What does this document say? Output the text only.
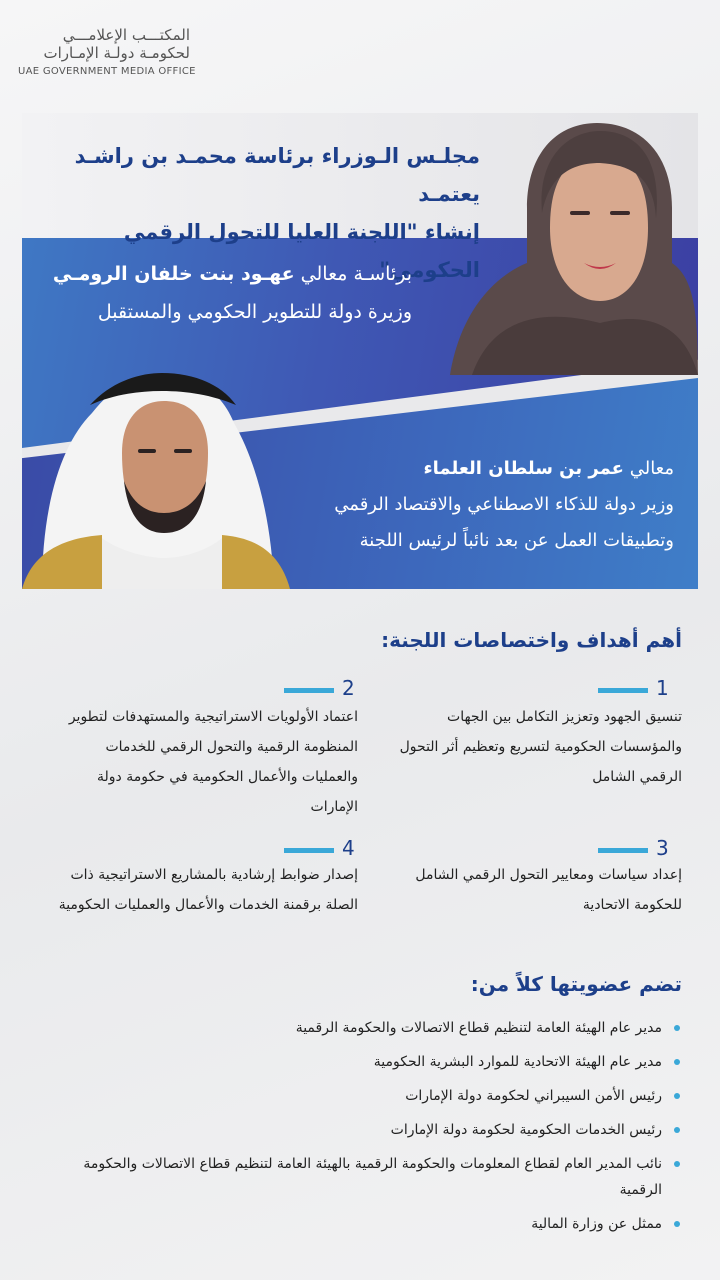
المكتـــب الإعلامـــي
لحكومـة دولـة الإمـارات
UAE GOVERNMENT MEDIA OFFICE
مجلـس الـوزراء برئاسة محمـد بن راشـد يعتمـد
إنشاء "اللجنة العليا للتحول الرقمي الحكومي"
برئاسـة معالي عهـود بنت خلفان الرومـي
وزيرة دولة للتطوير الحكومي والمستقبل
معالي عمر بن سلطان العلماء
وزير دولة للذكاء الاصطناعي والاقتصاد الرقمي
وتطبيقات العمل عن بعد نائباً لرئيس اللجنة
أهم أهداف واختصاصات اللجنة:
1
تنسيق الجهود وتعزيز التكامل بين الجهات والمؤسسات الحكومية لتسريع وتعظيم أثر التحول الرقمي الشامل
2
اعتماد الأولويات الاستراتيجية والمستهدفات لتطوير المنظومة الرقمية والتحول الرقمي للخدمات والعمليات والأعمال الحكومية في حكومة دولة الإمارات
3
إعداد سياسات ومعايير التحول الرقمي الشامل للحكومة الاتحادية
4
إصدار ضوابط إرشادية بالمشاريع الاستراتيجية ذات الصلة برقمنة الخدمات والأعمال والعمليات الحكومية
تضم عضويتها كلاً من:
مدير عام الهيئة العامة لتنظيم قطاع الاتصالات والحكومة الرقمية
مدير عام الهيئة الاتحادية للموارد البشرية الحكومية
رئيس الأمن السيبراني لحكومة دولة الإمارات
رئيس الخدمات الحكومية لحكومة دولة الإمارات
نائب المدير العام لقطاع المعلومات والحكومة الرقمية بالهيئة العامة لتنظيم قطاع الاتصالات والحكومة الرقمية
ممثل عن وزارة المالية
